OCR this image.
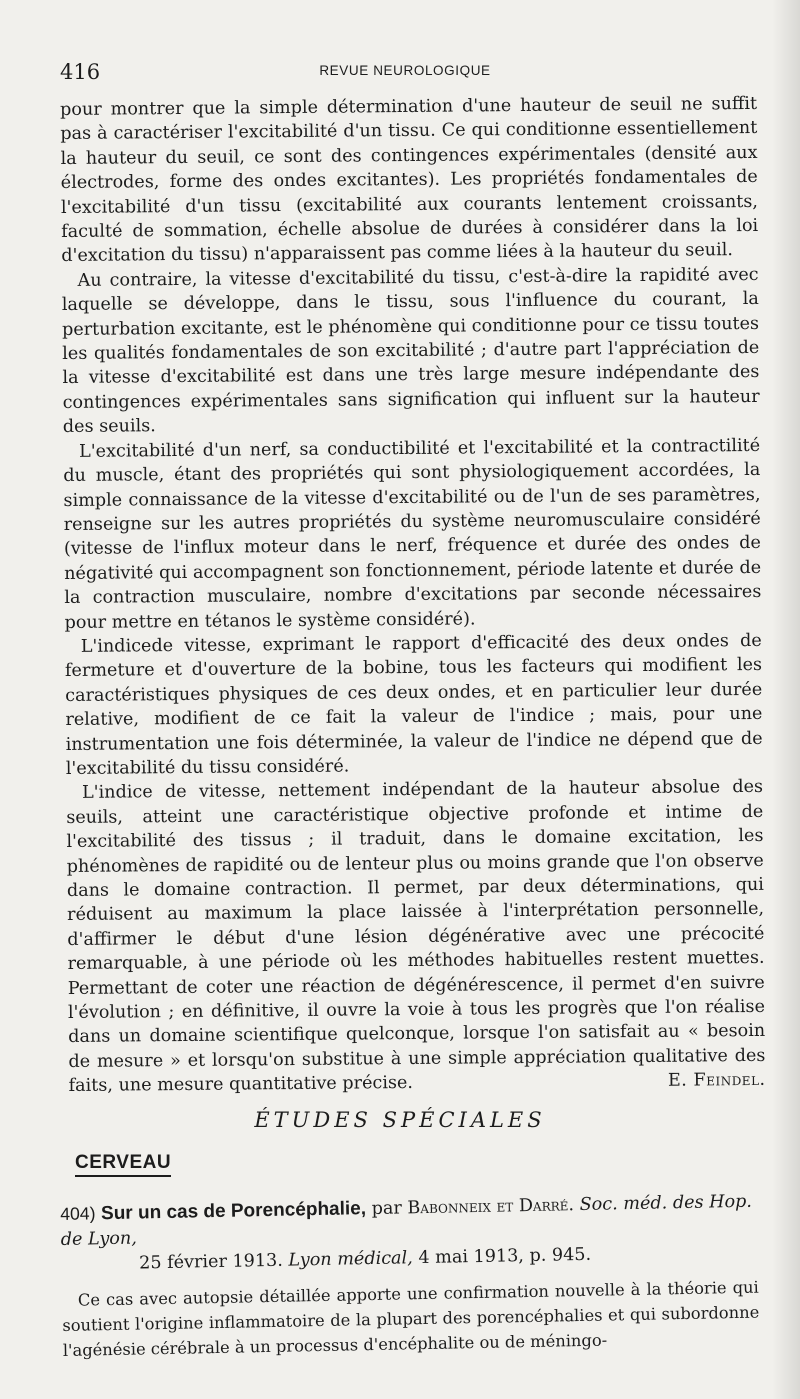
416	REVUE NEUROLOGIQUE

pour montrer que la simple détermination d'une hauteur de seuil ne suffit pas à caractériser l'excitabilité d'un tissu. Ce qui conditionne essentiellement la hauteur du seuil, ce sont des contingences expérimentales (densité aux électrodes, forme des ondes excitantes). Les propriétés fondamentales de l'excitabilité d'un tissu (excitabilité aux courants lentement croissants, faculté de sommation, échelle absolue de durées à considérer dans la loi d'excitation du tissu) n'apparaissent pas comme liées à la hauteur du seuil.

Au contraire, la vitesse d'excitabilité du tissu, c'est-à-dire la rapidité avec laquelle se développe, dans le tissu, sous l'influence du courant, la perturbation excitante, est le phénomène qui conditionne pour ce tissu toutes les qualités fondamentales de son excitabilité ; d'autre part l'appréciation de la vitesse d'excitabilité est dans une très large mesure indépendante des contingences expérimentales sans signification qui influent sur la hauteur des seuils.

L'excitabilité d'un nerf, sa conductibilité et l'excitabilité et la contractilité du muscle, étant des propriétés qui sont physiologiquement accordées, la simple connaissance de la vitesse d'excitabilité ou de l'un de ses paramètres, renseigne sur les autres propriétés du système neuromusculaire considéré (vitesse de l'influx moteur dans le nerf, fréquence et durée des ondes de négativité qui accompagnent son fonctionnement, période latente et durée de la contraction musculaire, nombre d'excitations par seconde nécessaires pour mettre en tétanos le système considéré).

L'indicede vitesse, exprimant le rapport d'efficacité des deux ondes de fermeture et d'ouverture de la bobine, tous les facteurs qui modifient les caractéristiques physiques de ces deux ondes, et en particulier leur durée relative, modifient de ce fait la valeur de l'indice ; mais, pour une instrumentation une fois déterminée, la valeur de l'indice ne dépend que de l'excitabilité du tissu considéré.

L'indice de vitesse, nettement indépendant de la hauteur absolue des seuils, atteint une caractéristique objective profonde et intime de l'excitabilité des tissus ; il traduit, dans le domaine excitation, les phénomènes de rapidité ou de lenteur plus ou moins grande que l'on observe dans le domaine contraction. Il permet, par deux déterminations, qui réduisent au maximum la place laissée à l'interprétation personnelle, d'affirmer le début d'une lésion dégénérative avec une précocité remarquable, à une période où les méthodes habituelles restent muettes. Permettant de coter une réaction de dégénérescence, il permet d'en suivre l'évolution ; en définitive, il ouvre la voie à tous les progrès que l'on réalise dans un domaine scientifique quelconque, lorsque l'on satisfait au « besoin de mesure » et lorsqu'on substitue à une simple appréciation qualitative des faits, une mesure quantitative précise.	E. Feindel.

ÉTUDES SPÉCIALES
CERVEAU
404) Sur un cas de Porencéphalie, par Babonneix et Darré. Soc. méd. des Hop. de Lyon,
25 février 1913. Lyon médical, 4 mai 1913, p. 945.
Ce cas avec autopsie détaillée apporte une confirmation nouvelle à la théorie qui soutient l'origine inflammatoire de la plupart des porencéphalies et qui subordonne l'agénésie cérébrale à un processus d'encéphalite ou de méningo-
